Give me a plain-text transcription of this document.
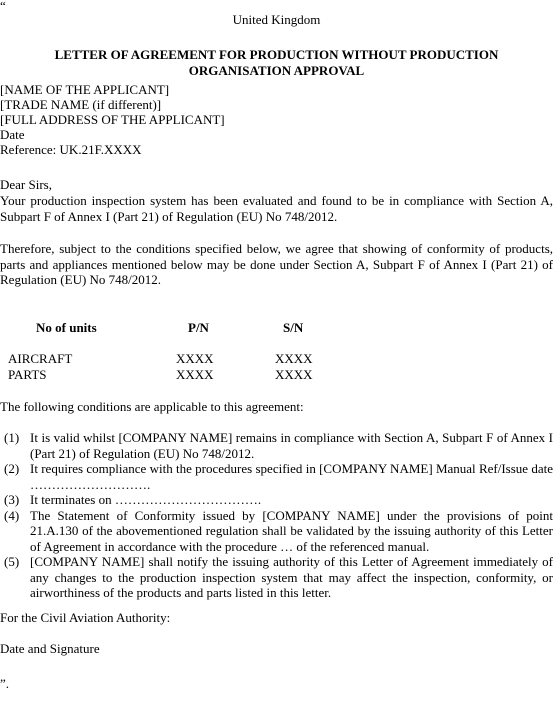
“
United Kingdom
LETTER OF AGREEMENT FOR PRODUCTION WITHOUT PRODUCTION
ORGANISATION APPROVAL
[NAME OF THE APPLICANT]
[TRADE NAME (if different)]
[FULL ADDRESS OF THE APPLICANT]
Date
Reference: UK.21F.XXXX
Dear Sirs,
Your production inspection system has been evaluated and found to be in compliance with Section A, Subpart F of Annex I (Part 21) of Regulation (EU) No 748/2012.
Therefore, subject to the conditions specified below, we agree that showing of conformity of products, parts and appliances mentioned below may be done under Section A, Subpart F of Annex I (Part 21) of Regulation (EU) No 748/2012.
No of units	P/N	S/N

AIRCRAFT	XXXX	XXXX
PARTS	XXXX	XXXX
The following conditions are applicable to this agreement:
(1) It is valid whilst [COMPANY NAME] remains in compliance with Section A, Subpart F of Annex I (Part 21) of Regulation (EU) No 748/2012.
(2) It requires compliance with the procedures specified in [COMPANY NAME] Manual Ref/Issue date ……………………….
(3) It terminates on …………………………….
(4) The Statement of Conformity issued by [COMPANY NAME] under the provisions of point 21.A.130 of the abovementioned regulation shall be validated by the issuing authority of this Letter of Agreement in accordance with the procedure … of the referenced manual.
(5) [COMPANY NAME] shall notify the issuing authority of this Letter of Agreement immediately of any changes to the production inspection system that may affect the inspection, conformity, or airworthiness of the products and parts listed in this letter.
For the Civil Aviation Authority:
Date and Signature
”.
